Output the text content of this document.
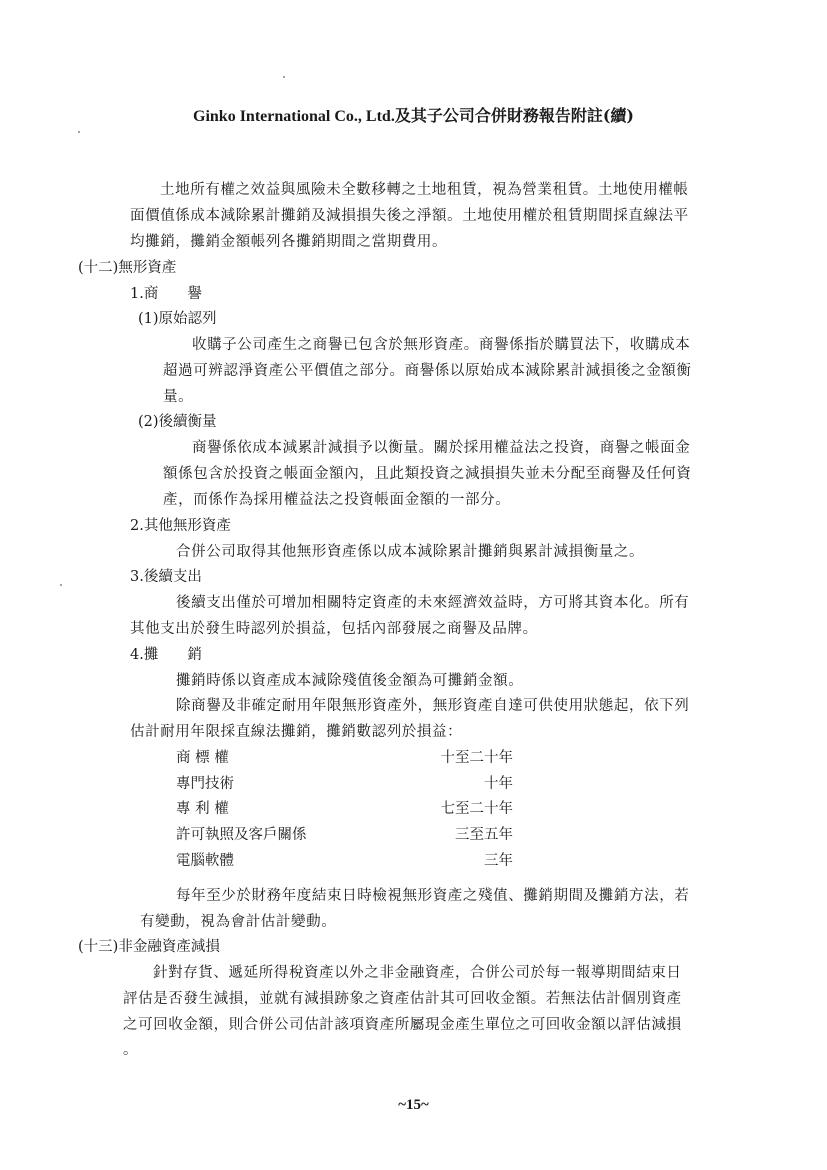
Ginko International Co., Ltd.及其子公司合併財務報告附註(續)
土地所有權之效益與風險未全數移轉之土地租賃，視為營業租賃。土地使用權帳
面價值係成本減除累計攤銷及減損損失後之淨額。土地使用權於租賃期間採直線法平
均攤銷，攤銷金額帳列各攤銷期間之當期費用。
(十二)無形資產
1.商　　譽
(1)原始認列
收購子公司產生之商譽已包含於無形資產。商譽係指於購買法下，收購成本
超過可辨認淨資產公平價值之部分。商譽係以原始成本減除累計減損後之金額衡
量。
(2)後續衡量
商譽係依成本減累計減損予以衡量。關於採用權益法之投資，商譽之帳面金
額係包含於投資之帳面金額內，且此類投資之減損損失並未分配至商譽及任何資
產，而係作為採用權益法之投資帳面金額的一部分。
2.其他無形資產
合併公司取得其他無形資產係以成本減除累計攤銷與累計減損衡量之。
3.後續支出
後續支出僅於可增加相關特定資產的未來經濟效益時，方可將其資本化。所有
其他支出於發生時認列於損益，包括內部發展之商譽及品牌。
4.攤　　銷
攤銷時係以資產成本減除殘值後金額為可攤銷金額。
除商譽及非確定耐用年限無形資產外，無形資產自達可供使用狀態起，依下列
估計耐用年限採直線法攤銷，攤銷數認列於損益：
商 標 權	十至二十年
專門技術	十年
專 利 權	七至二十年
許可執照及客戶關係	三至五年
電腦軟體	三年
每年至少於財務年度結束日時檢視無形資產之殘值、攤銷期間及攤銷方法，若
有變動，視為會計估計變動。
(十三)非金融資產減損
針對存貨、遞延所得稅資產以外之非金融資產，合併公司於每一報導期間結束日
評估是否發生減損，並就有減損跡象之資產估計其可回收金額。若無法估計個別資產
之可回收金額，則合併公司估計該項資產所屬現金產生單位之可回收金額以評估減損
。
~15~
